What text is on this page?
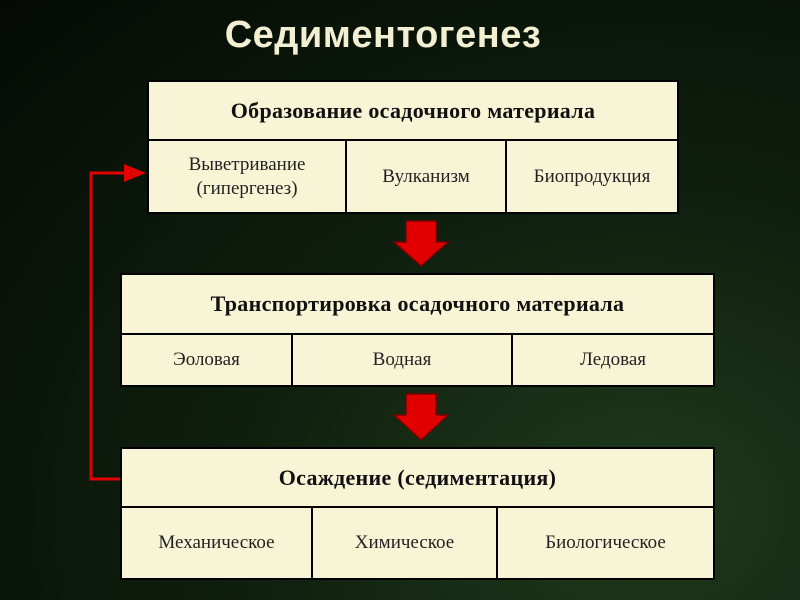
Седиментогенез
Образование осадочного материала
Выветривание (гипергенез)
Вулканизм	Биопродукция
Транспортировка осадочного материала
Эоловая	Водная	Ледовая
Осаждение (седиментация)
Механическое	Химическое	Биологическое
